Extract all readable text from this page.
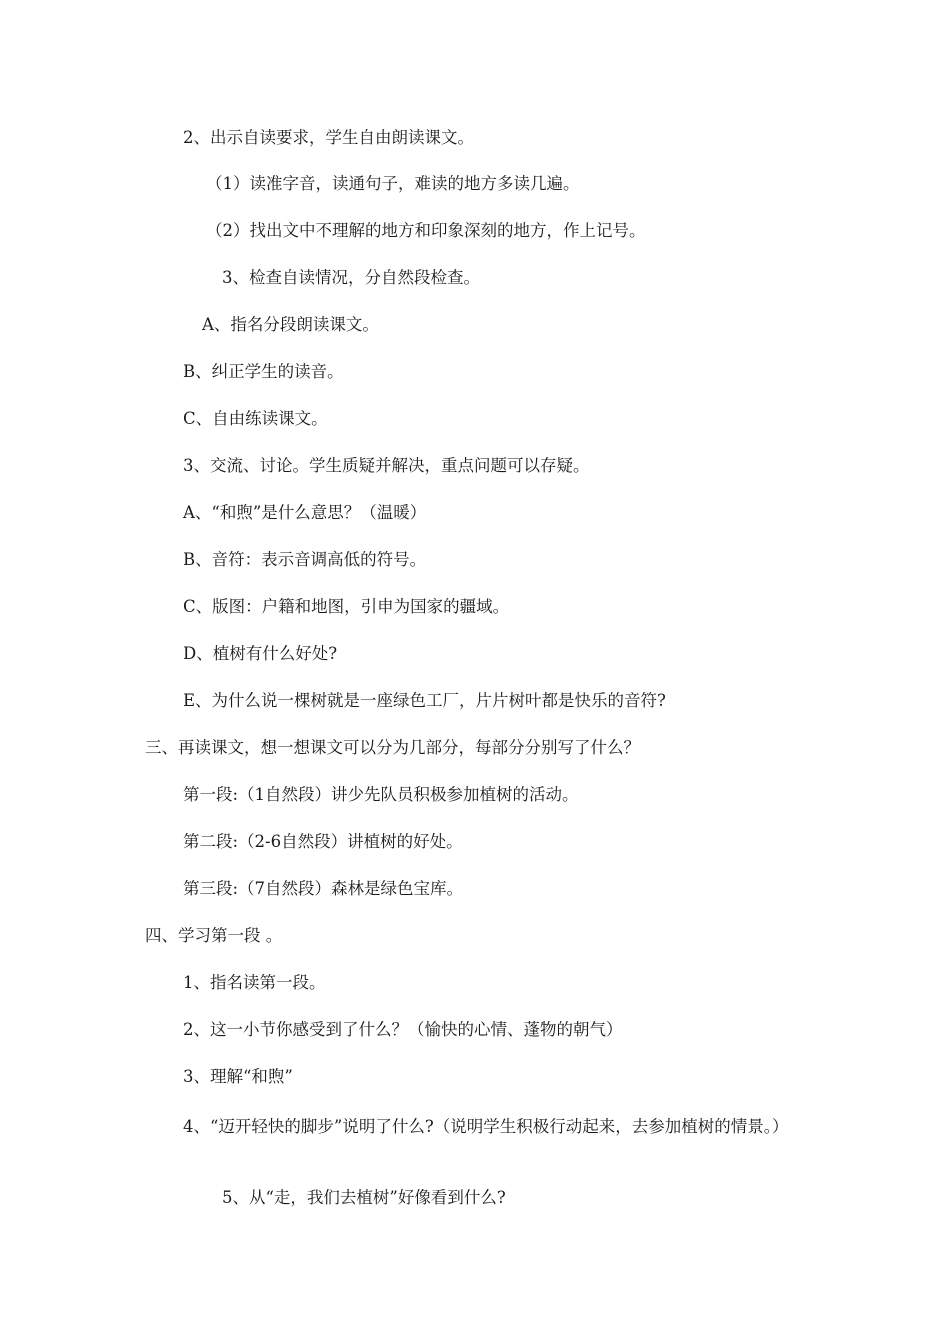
2、出示自读要求，学生自由朗读课文。
（1）读准字音，读通句子，难读的地方多读几遍。
（2）找出文中不理解的地方和印象深刻的地方，作上记号。
3、检查自读情况，分自然段检查。
A、指名分段朗读课文。
B、纠正学生的读音。
C、自由练读课文。
3、交流、讨论。学生质疑并解决，重点问题可以存疑。
A、“和煦”是什么意思？（温暖）
B、音符：表示音调高低的符号。
C、版图：户籍和地图，引申为国家的疆域。
D、植树有什么好处?
E、为什么说一棵树就是一座绿色工厂，片片树叶都是快乐的音符?
三、再读课文，想一想课文可以分为几部分，每部分分别写了什么？
第一段:（1自然段）讲少先队员积极参加植树的活动。
第二段:（2-6自然段）讲植树的好处。
第三段:（7自然段）森林是绿色宝库。
四、学习第一段 。
1、指名读第一段。
2、这一小节你感受到了什么？（愉快的心情、蓬物的朝气）
3、理解“和煦”
4、“迈开轻快的脚步”说明了什么?（说明学生积极行动起来，去参加植树的情景。）
5、从“走，我们去植树”好像看到什么?
